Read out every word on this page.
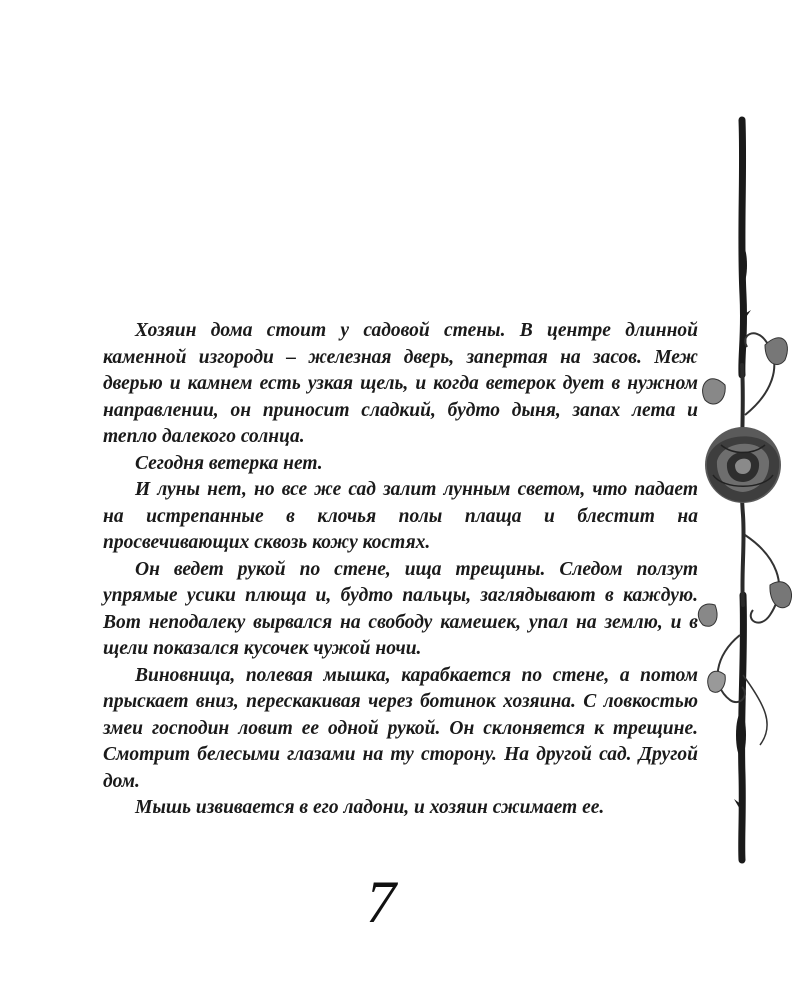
Хозяин дома стоит у садовой стены. В центре длинной каменной изгороди – железная дверь, запертая на засов. Меж дверью и камнем есть узкая щель, и когда ветерок дует в нужном направлении, он приносит сладкий, будто дыня, запах лета и тепло далекого солнца.

Сегодня ветерка нет.

И луны нет, но все же сад залит лунным светом, что падает на истрепанные в клочья полы плаща и блестит на просвечивающих сквозь кожу костях.

Он ведет рукой по стене, ища трещины. Следом ползут упрямые усики плюща и, будто пальцы, заглядывают в каждую. Вот неподалеку вырвался на свободу камешек, упал на землю, и в щели показался кусочек чужой ночи.

Виновница, полевая мышка, карабкается по стене, а потом прыскает вниз, перескакивая через ботинок хозяина. С ловкостью змеи господин ловит ее одной рукой. Он склоняется к трещине. Смотрит белесыми глазами на ту сторону. На другой сад. Другой дом.

Мышь извивается в его ладони, и хозяин сжимает ее.

7
